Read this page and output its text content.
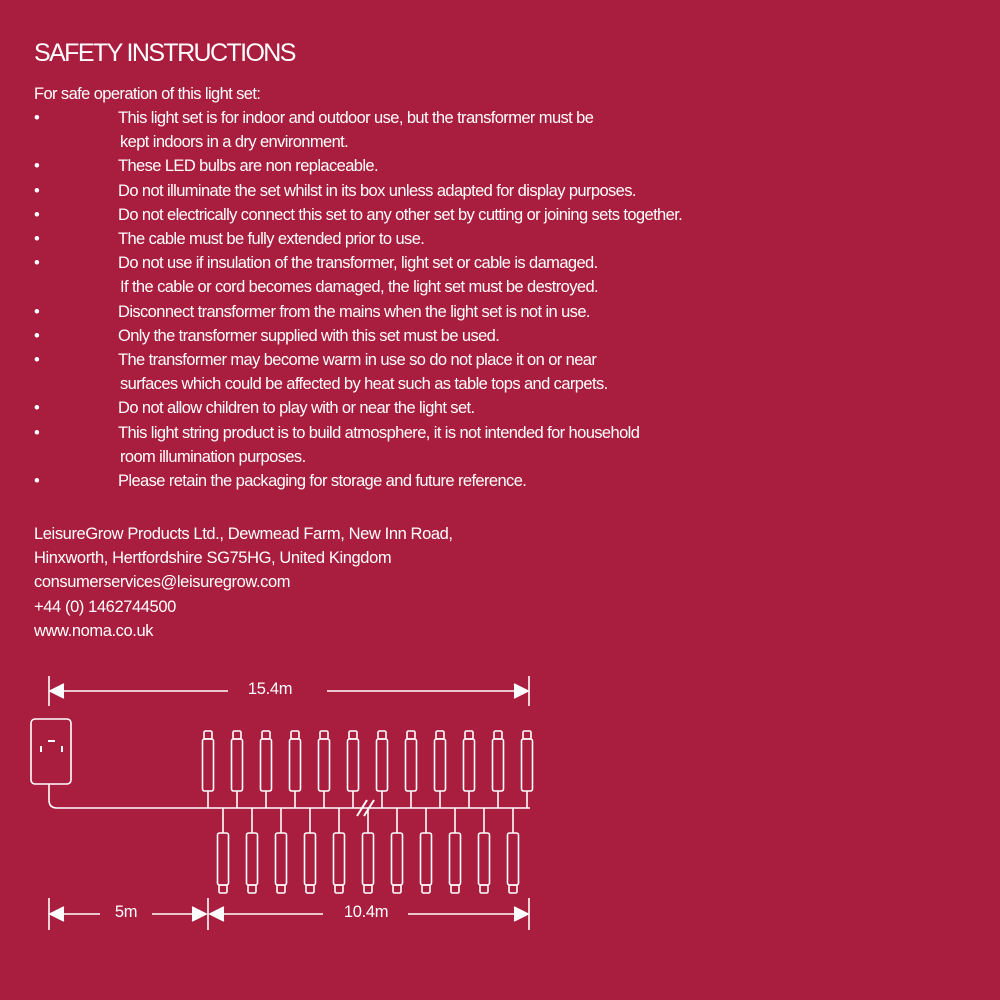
SAFETY INSTRUCTIONS
For safe operation of this light set:
•	This light set is for indoor and outdoor use, but the transformer must be
kept indoors in a dry environment.
•	These LED bulbs are non replaceable.
•	Do not illuminate the set whilst in its box unless adapted for display purposes.
•	Do not electrically connect this set to any other set by cutting or joining sets together.
•	The cable must be fully extended prior to use.
•	Do not use if insulation of the transformer, light set or cable is damaged.
If the cable or cord becomes damaged, the light set must be destroyed.
•	Disconnect transformer from the mains when the light set is not in use.
•	Only the transformer supplied with this set must be used.
•	The transformer may become warm in use so do not place it on or near
surfaces which could be affected by heat such as table tops and carpets.
•	Do not allow children to play with or near the light set.
•	This light string product is to build atmosphere, it is not intended for household
room illumination purposes.
•	Please retain the packaging for storage and future reference.
LeisureGrow Products Ltd., Dewmead Farm, New Inn Road,
Hinxworth, Hertfordshire SG75HG, United Kingdom
consumerservices@leisuregrow.com
+44 (0) 1462744500
www.noma.co.uk
15.4m
5m	10.4m
